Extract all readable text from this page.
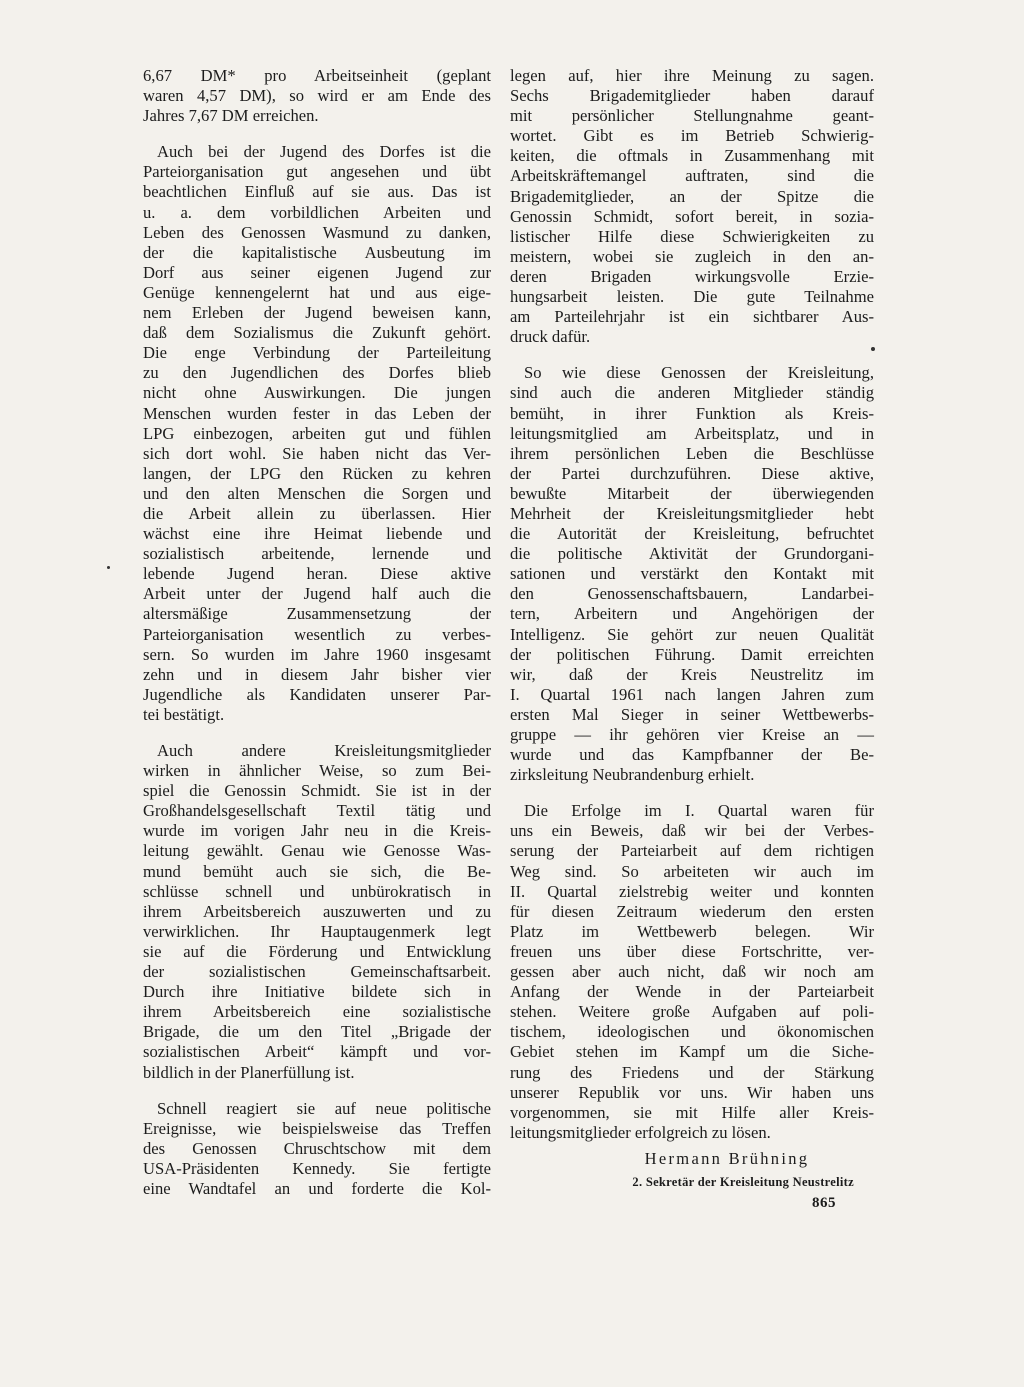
6,67 DM* pro Arbeitseinheit (geplant
waren 4,57 DM), so wird er am Ende des
Jahres 7,67 DM erreichen.
Auch bei der Jugend des Dorfes ist die
Parteiorganisation gut angesehen und übt
beachtlichen Einfluß auf sie aus. Das ist
u. a. dem vorbildlichen Arbeiten und
Leben des Genossen Wasmund zu danken,
der die kapitalistische Ausbeutung im
Dorf aus seiner eigenen Jugend zur
Genüge kennengelernt hat und aus eige-
nem Erleben der Jugend beweisen kann,
daß dem Sozialismus die Zukunft gehört.
Die enge Verbindung der Parteileitung
zu den Jugendlichen des Dorfes blieb
nicht ohne Auswirkungen. Die jungen
Menschen wurden fester in das Leben der
LPG einbezogen, arbeiten gut und fühlen
sich dort wohl. Sie haben nicht das Ver-
langen, der LPG den Rücken zu kehren
und den alten Menschen die Sorgen und
die Arbeit allein zu überlassen. Hier
wächst eine ihre Heimat liebende und
sozialistisch arbeitende, lernende und
lebende Jugend heran. Diese aktive
Arbeit unter der Jugend half auch die
altersmäßige Zusammensetzung der
Parteiorganisation wesentlich zu verbes-
sern. So wurden im Jahre 1960 insgesamt
zehn und in diesem Jahr bisher vier
Jugendliche als Kandidaten unserer Par-
tei bestätigt.
Auch andere Kreisleitungsmitglieder
wirken in ähnlicher Weise, so zum Bei-
spiel die Genossin Schmidt. Sie ist in der
Großhandelsgesellschaft Textil tätig und
wurde im vorigen Jahr neu in die Kreis-
leitung gewählt. Genau wie Genosse Was-
mund bemüht auch sie sich, die Be-
schlüsse schnell und unbürokratisch in
ihrem Arbeitsbereich auszuwerten und zu
verwirklichen. Ihr Hauptaugenmerk legt
sie auf die Förderung und Entwicklung
der sozialistischen Gemeinschaftsarbeit.
Durch ihre Initiative bildete sich in
ihrem Arbeitsbereich eine sozialistische
Brigade, die um den Titel „Brigade der
sozialistischen Arbeit“ kämpft und vor-
bildlich in der Planerfüllung ist.
Schnell reagiert sie auf neue politische
Ereignisse, wie beispielsweise das Treffen
des Genossen Chruschtschow mit dem
USA-Präsidenten Kennedy. Sie fertigte
eine Wandtafel an und forderte die Kol-
legen auf, hier ihre Meinung zu sagen.
Sechs Brigademitglieder haben darauf
mit persönlicher Stellungnahme geant-
wortet. Gibt es im Betrieb Schwierig-
keiten, die oftmals in Zusammenhang mit
Arbeitskräftemangel auftraten, sind die
Brigademitglieder, an der Spitze die
Genossin Schmidt, sofort bereit, in sozia-
listischer Hilfe diese Schwierigkeiten zu
meistern, wobei sie zugleich in den an-
deren Brigaden wirkungsvolle Erzie-
hungsarbeit leisten. Die gute Teilnahme
am Parteilehrjahr ist ein sichtbarer Aus-
druck dafür.
So wie diese Genossen der Kreisleitung,
sind auch die anderen Mitglieder ständig
bemüht, in ihrer Funktion als Kreis-
leitungsmitglied am Arbeitsplatz, und in
ihrem persönlichen Leben die Beschlüsse
der Partei durchzuführen. Diese aktive,
bewußte Mitarbeit der überwiegenden
Mehrheit der Kreisleitungsmitglieder hebt
die Autorität der Kreisleitung, befruchtet
die politische Aktivität der Grundorgani-
sationen und verstärkt den Kontakt mit
den Genossenschaftsbauern, Landarbei-
tern, Arbeitern und Angehörigen der
Intelligenz. Sie gehört zur neuen Qualität
der politischen Führung. Damit erreichten
wir, daß der Kreis Neustrelitz im
I. Quartal 1961 nach langen Jahren zum
ersten Mal Sieger in seiner Wettbewerbs-
gruppe — ihr gehören vier Kreise an —
wurde und das Kampfbanner der Be-
zirksleitung Neubrandenburg erhielt.
Die Erfolge im I. Quartal waren für
uns ein Beweis, daß wir bei der Verbes-
serung der Parteiarbeit auf dem richtigen
Weg sind. So arbeiteten wir auch im
II. Quartal zielstrebig weiter und konnten
für diesen Zeitraum wiederum den ersten
Platz im Wettbewerb belegen. Wir
freuen uns über diese Fortschritte, ver-
gessen aber auch nicht, daß wir noch am
Anfang der Wende in der Parteiarbeit
stehen. Weitere große Aufgaben auf poli-
tischem, ideologischen und ökonomischen
Gebiet stehen im Kampf um die Siche-
rung des Friedens und der Stärkung
unserer Republik vor uns. Wir haben uns
vorgenommen, sie mit Hilfe aller Kreis-
leitungsmitglieder erfolgreich zu lösen.
Hermann Brühning
2. Sekretär der Kreisleitung Neustrelitz
865
